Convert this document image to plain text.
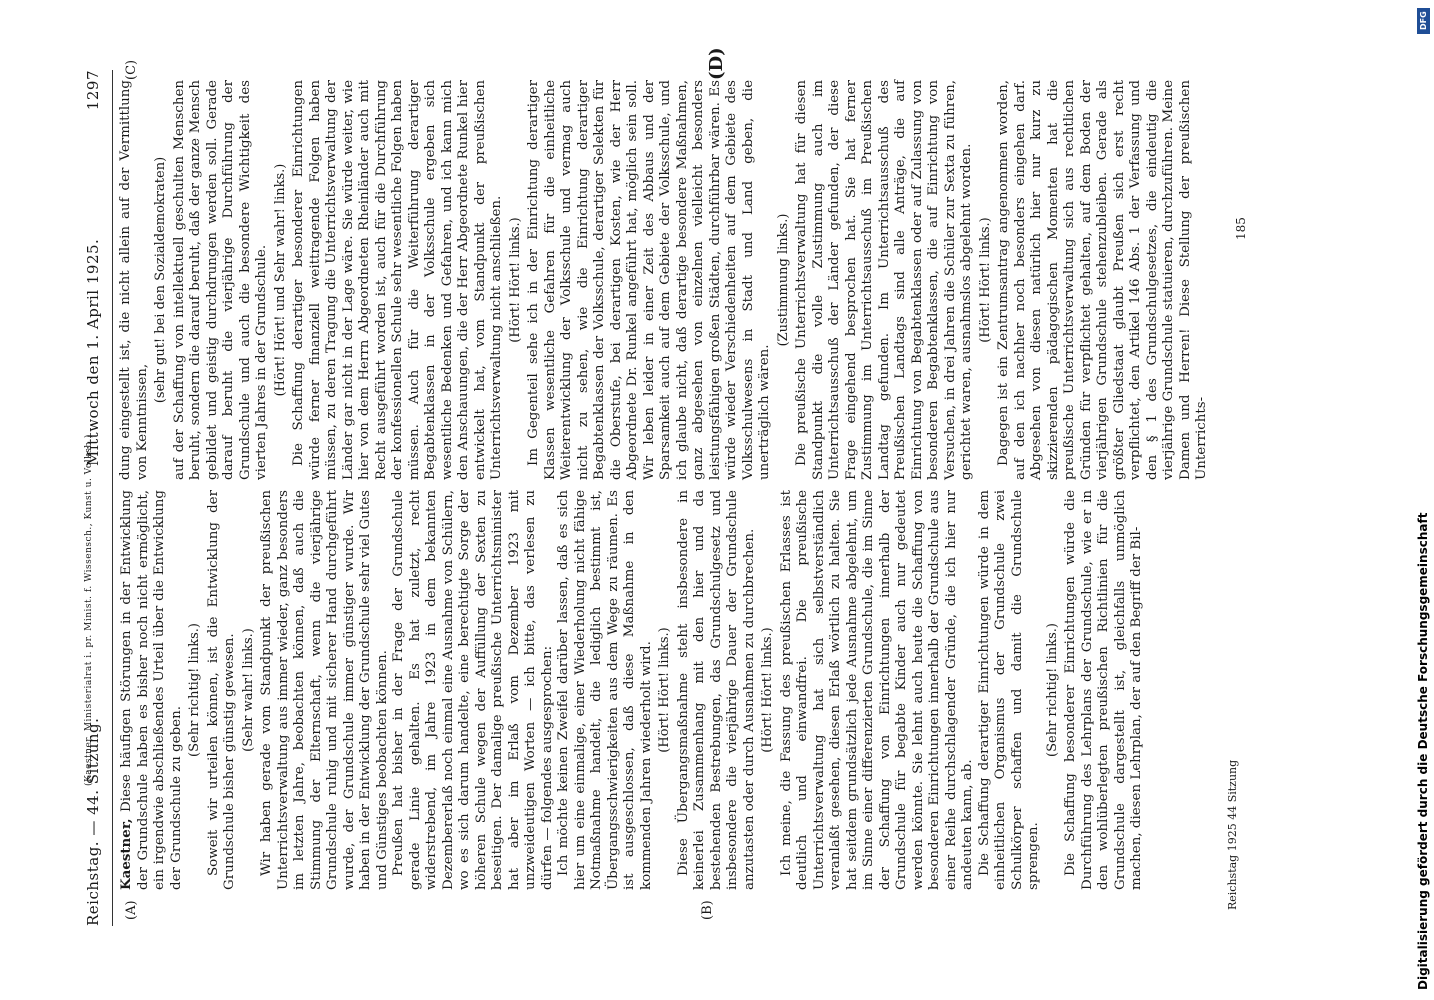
Reichstag. — 44. Sitzung.
Mittwoch den 1. April 1925.
1297
(Kaestner, Ministerialrat i. pr. Minist. f. Wissensch., Kunst u. Volksb.)
(A)	(B)
(C)	(D)

Kaestner, Diese häufigen Störungen in der Entwicklung der Grundschule haben es bisher noch nicht ermöglicht, ein irgendwie abschließendes Urteil über die Entwicklung der Grundschule zu geben.

(Sehr richtig! links.) Soweit wir urteilen können, ist die Entwicklung der Grundschule bisher günstig gewesen. (Sehr wahr! links.) Wir haben gerade vom Standpunkt der preußischen Unterrichtsverwaltung aus immer wieder, ganz besonders im letzten Jahre, beobachten können, daß auch die Stimmung der Elternschaft, wenn die vierjährige Grundschule ruhig und mit sicherer Hand durchgeführt wurde, der Grundschule immer günstiger wurde. Wir haben in der Entwicklung der Grundschule sehr viel Gutes und Günstiges beobachten können. Preußen hat bisher in der Frage der Grundschule gerade Linie gehalten. Es hat zuletzt, recht widerstrebend, im Jahre 1923 in dem bekannten Dezembererlaß noch einmal eine Ausnahme von Schülern, wo es sich darum handelte, eine berechtigte Sorge der höheren Schule wegen der Auffüllung der Sexten zu beseitigen. Der damalige preußische Unterrichtsminister hat aber im Erlaß vom Dezember 1923 mit unzweideutigen Worten — ich bitte, das verlesen zu dürfen — folgendes ausgesprochen: Ich möchte keinen Zweifel darüber lassen, daß es sich hier um eine einmalige, einer Wiederholung nicht fähige Notmaßnahme handelt, die lediglich bestimmt ist, Übergangsschwierigkeiten aus dem Wege zu räumen. Es ist ausgeschlossen, daß diese Maßnahme in den kommenden Jahren wiederholt wird. (Hört! Hört! links.) Diese Übergangsmaßnahme steht insbesondere in keinerlei Zusammenhang mit den hier und da bestehenden Bestrebungen, das Grundschulgesetz und insbesondere die vierjährige Dauer der Grundschule anzutasten oder durch Ausnahmen zu durchbrechen. (Hört! Hört! links.) Ich meine, die Fassung des preußischen Erlasses ist deutlich und einwandfrei. Die preußische Unterrichtsverwaltung hat sich selbstverständlich veranlaßt gesehen, diesen Erlaß wörtlich zu halten. Sie hat seitdem grundsätzlich jede Ausnahme abgelehnt, um im Sinne einer differenzierten Grundschule, die im Sinne der Schaffung von Einrichtungen innerhalb der Grundschule für begabte Kinder auch nur gedeutet werden könnte. Sie lehnt auch heute die Schaffung von besonderen Einrichtungen innerhalb der Grundschule aus einer Reihe durchschlagender Gründe, die ich hier nur andeuten kann, ab. Die Schaffung derartiger Einrichtungen würde in dem einheitlichen Organismus der Grundschule zwei Schulkörper schaffen und damit die Grundschule sprengen.

(Sehr richtig! links.) Die Schaffung besonderer Einrichtungen würde die Durchführung des Lehrplans der Grundschule, wie er in den wohlüberlegten preußischen Richtlinien für die Grundschule dargestellt ist, gleichfalls unmöglich machen, diesen Lehrplan, der auf den Begriff der Bil-

dung eingestellt ist, die nicht allein auf der Vermittlung von Kenntnissen,

(sehr gut! bei den Sozialdemokraten) auf der Schaffung von intellektuell geschulten Menschen beruht, sondern die darauf beruht, daß der ganze Mensch gebildet und geistig durchdrungen werden soll. Gerade darauf beruht die vierjährige Durchführung der Grundschule und auch die besondere Wichtigkeit des vierten Jahres in der Grundschule. (Hört! Hört! und Sehr wahr! links.) Die Schaffung derartiger besonderer Einrichtungen würde ferner finanziell weittragende Folgen haben müssen, zu deren Tragung die Unterrichtsverwaltung der Länder gar nicht in der Lage wäre. Sie würde weiter, wie hier von dem Herrn Abgeordneten Rheinländer auch mit Recht ausgeführt worden ist, auch für die Durchführung der konfessionellen Schule sehr wesentliche Folgen haben müssen. Auch für die Weiterführung derartiger Begabtenklassen in der Volksschule ergeben sich wesentliche Bedenken und Gefahren, und ich kann mich den Anschauungen, die der Herr Abgeordnete Runkel hier entwickelt hat, vom Standpunkt der preußischen Unterrichtsverwaltung nicht anschließen. (Hört! Hört! links.) Im Gegenteil sehe ich in der Einrichtung derartiger Klassen wesentliche Gefahren für die einheitliche Weiterentwicklung der Volksschule und vermag auch nicht zu sehen, wie die Einrichtung derartiger Begabtenklassen der Volksschule, derartiger Selekten für die Oberstufe, bei derartigen Kosten, wie der Herr Abgeordnete Dr. Runkel angeführt hat, möglich sein soll. Wir leben leider in einer Zeit des Abbaus und der Sparsamkeit auch auf dem Gebiete der Volksschule, und ich glaube nicht, daß derartige besondere Maßnahmen, ganz abgesehen von einzelnen vielleicht besonders leistungsfähigen großen Städten, durchführbar wären. Es würde wieder Verschiedenheiten auf dem Gebiete des Volksschulwesens in Stadt und Land geben, die unerträglich wären.

(Zustimmung links.) Die preußische Unterrichtsverwaltung hat für diesen Standpunkt die volle Zustimmung auch im Unterrichtsausschuß der Länder gefunden, der diese Frage eingehend besprochen hat. Sie hat ferner Zustimmung im Unterrichtsausschuß im Preußischen Landtag gefunden. Im Unterrichtsausschuß des Preußischen Landtags sind alle Anträge, die auf Einrichtung von Begabtenklassen oder auf Zulassung von besonderen Begabtenklassen, die auf Einrichtung von Versuchen, in drei Jahren die Schüler zur Sexta zu führen, gerichtet waren, ausnahmslos abgelehnt worden. (Hört! Hört! links.) Dagegen ist ein Zentrumsantrag angenommen worden, auf den ich nachher noch besonders eingehen darf. Abgesehen von diesen natürlich hier nur kurz zu skizzierenden pädagogischen Momenten hat die preußische Unterrichtsverwaltung sich aus rechtlichen Gründen für verpflichtet gehalten, auf dem Boden der vierjährigen Grundschule stehenzubleiben. Gerade als größter Gliedstaat glaubt Preußen sich erst recht verpflichtet, den Artikel 146 Abs. 1 der Verfassung und den § 1 des Grundschulgesetzes, die eindeutig die vierjährige Grundschule statuieren, durchzuführen. Meine Damen und Herren! Diese Stellung der preußischen Unterrichts-

Reichstag 1925 44 Sitzung
185
DFG
Digitalisierung gefördert durch die Deutsche Forschungsgemeinschaft
